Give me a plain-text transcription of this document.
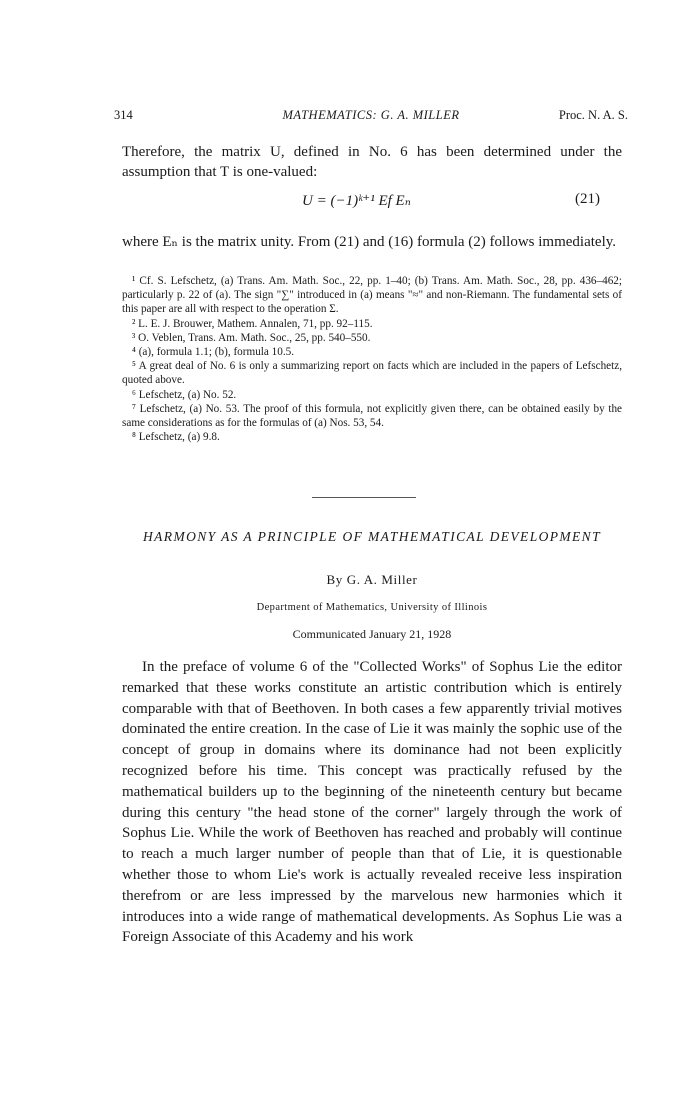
314	MATHEMATICS: G. A. MILLER	Proc. N. A. S.
Therefore, the matrix U, defined in No. 6 has been determined under the assumption that T is one-valued:
U = (−1)ᵏ⁺¹ Ef Eₙ	(21)
where Eₙ is the matrix unity. From (21) and (16) formula (2) follows immediately.
¹ Cf. S. Lefschetz, (a) Trans. Am. Math. Soc., 22, pp. 1–40; (b) Trans. Am. Math. Soc., 28, pp. 436–462; particularly p. 22 of (a). The sign "∑" introduced in (a) means "≈" and non-Riemann. The fundamental sets of this paper are all with respect to the operation Σ.
² L. E. J. Brouwer, Mathem. Annalen, 71, pp. 92–115.
³ O. Veblen, Trans. Am. Math. Soc., 25, pp. 540–550.
⁴ (a), formula 1.1; (b), formula 10.5.
⁵ A great deal of No. 6 is only a summarizing report on facts which are included in the papers of Lefschetz, quoted above.
⁶ Lefschetz, (a) No. 52.
⁷ Lefschetz, (a) No. 53. The proof of this formula, not explicitly given there, can be obtained easily by the same considerations as for the formulas of (a) Nos. 53, 54.
⁸ Lefschetz, (a) 9.8.
HARMONY AS A PRINCIPLE OF MATHEMATICAL DEVELOPMENT
By G. A. Miller
Department of Mathematics, University of Illinois
Communicated January 21, 1928
In the preface of volume 6 of the "Collected Works" of Sophus Lie the editor remarked that these works constitute an artistic contribution which is entirely comparable with that of Beethoven. In both cases a few apparently trivial motives dominated the entire creation. In the case of Lie it was mainly the sophic use of the concept of group in domains where its dominance had not been explicitly recognized before his time. This concept was practically refused by the mathematical builders up to the beginning of the nineteenth century but became during this century "the head stone of the corner" largely through the work of Sophus Lie. While the work of Beethoven has reached and probably will continue to reach a much larger number of people than that of Lie, it is questionable whether those to whom Lie's work is actually revealed receive less inspiration therefrom or are less impressed by the marvelous new harmonies which it introduces into a wide range of mathematical developments. As Sophus Lie was a Foreign Associate of this Academy and his work
